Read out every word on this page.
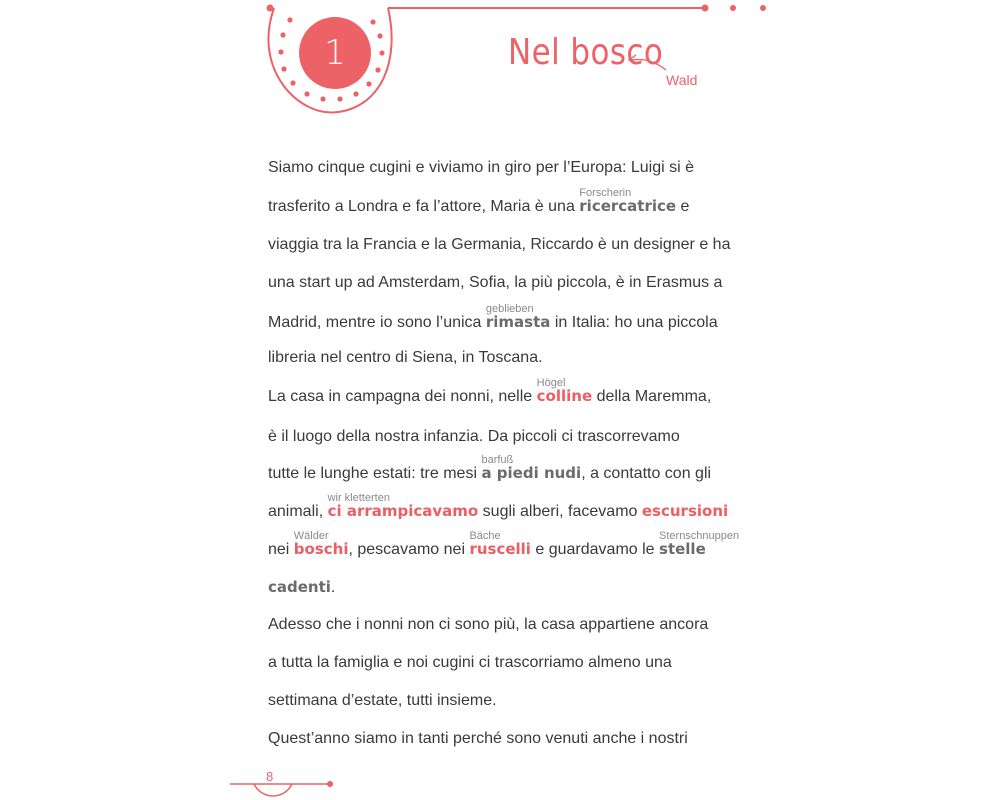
1	Nel bosco
Wald
Siamo cinque cugini e viviamo in giro per l’Europa: Luigi si è
trasferito a Londra e fa l’attore, Maria è una
Forscherin
ricercatrice e
viaggia tra la Francia e la Germania, Riccardo è un designer e ha
una start up ad Amsterdam, Sofia, la più piccola, è in Erasmus a
Madrid, mentre io sono l’unica
geblieben
rimasta in Italia: ho una piccola
libreria nel centro di Siena, in Toscana.
La casa in campagna dei nonni, nelle
Högel
colline della Maremma,
è il luogo della nostra infanzia. Da piccoli ci trascorrevamo
tutte le lunghe estati: tre mesi
barfuß
a piedi nudi, a contatto con gli
animali,
wir kletterten
ci arrampicavamo sugli alberi, facevamo escursioni
nei
Wälder
boschi, pescavamo nei
Bäche
ruscelli e guardavamo le
Sternschnuppen
stelle
cadenti.
Adesso che i nonni non ci sono più, la casa appartiene ancora
a tutta la famiglia e noi cugini ci trascorriamo almeno una
settimana d’estate, tutti insieme.
Quest’anno siamo in tanti perché sono venuti anche i nostri
8
